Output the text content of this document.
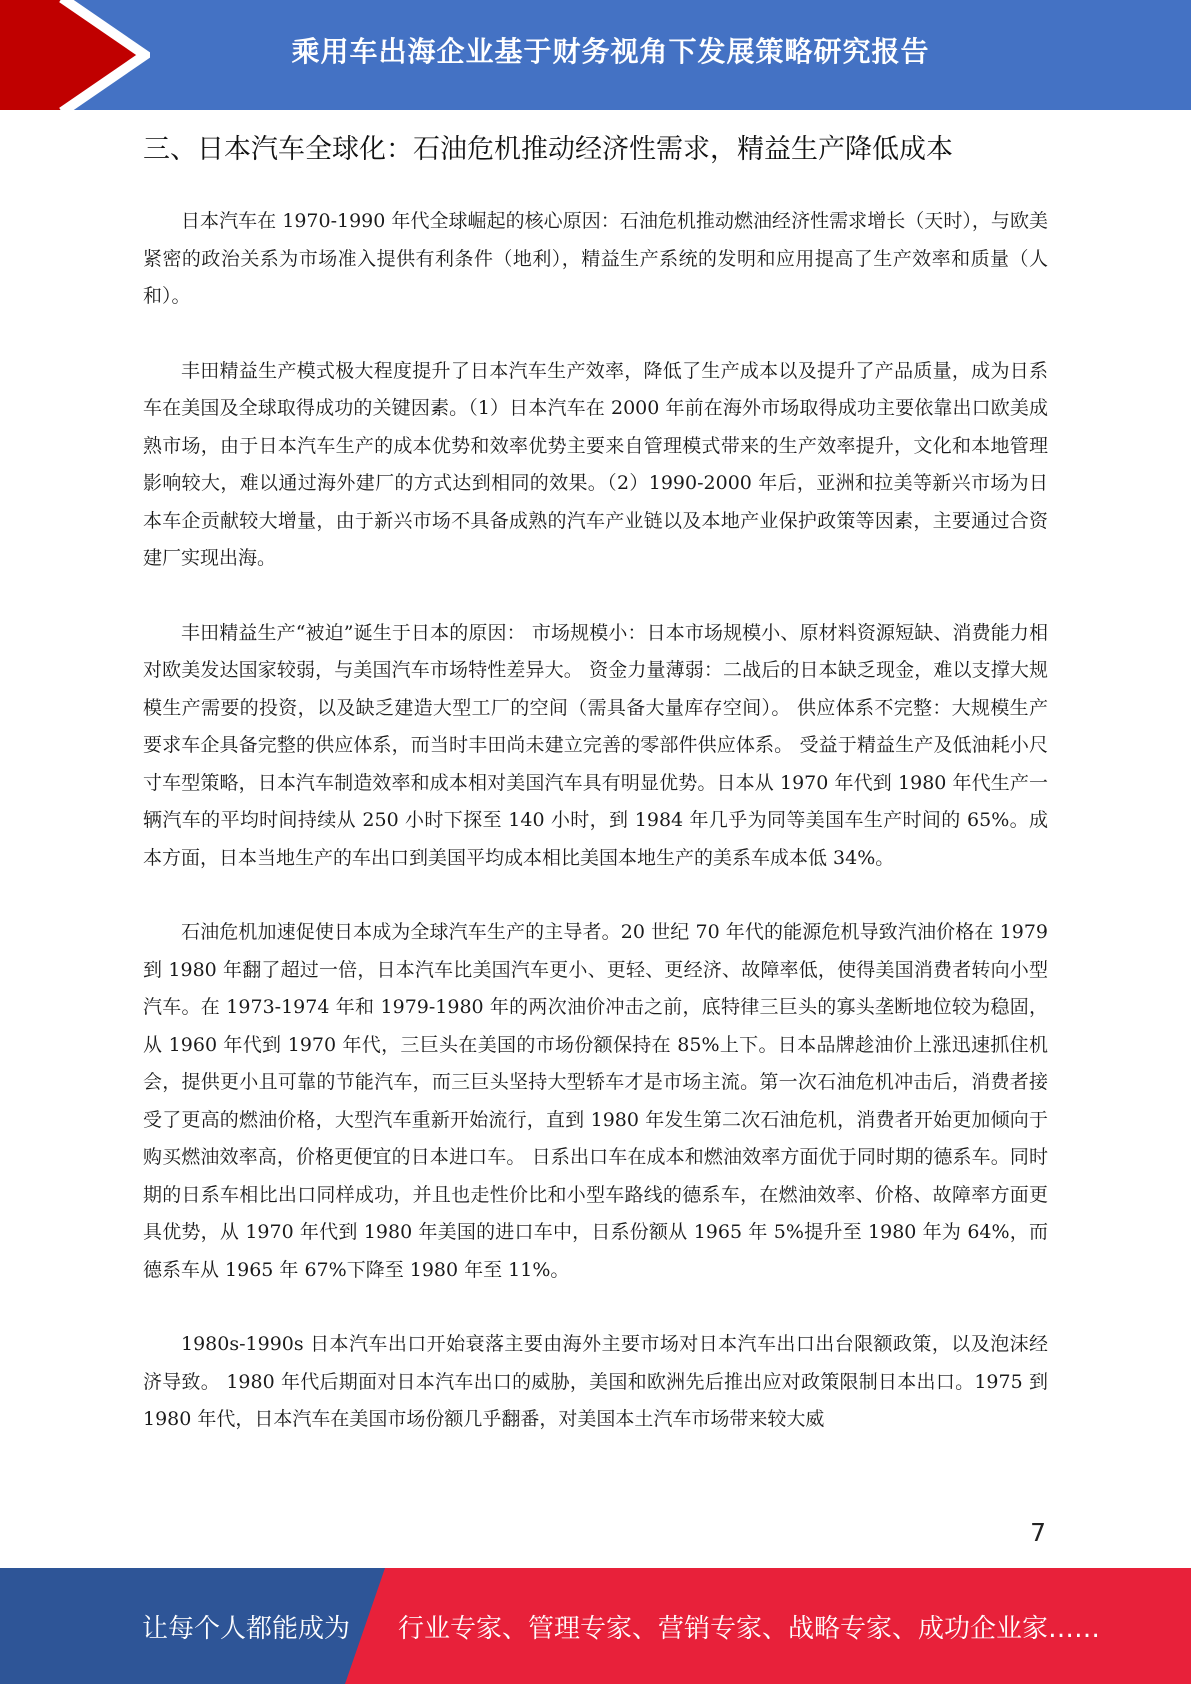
乘用车出海企业基于财务视角下发展策略研究报告
三、日本汽车全球化：石油危机推动经济性需求，精益生产降低成本

日本汽车在 1970-1990 年代全球崛起的核心原因：石油危机推动燃油经济性需求增长（天时），与欧美紧密的政治关系为市场准入提供有利条件（地利），精益生产系统的发明和应用提高了生产效率和质量（人和）。

丰田精益生产模式极大程度提升了日本汽车生产效率，降低了生产成本以及提升了产品质量，成为日系车在美国及全球取得成功的关键因素。（1）日本汽车在 2000 年前在海外市场取得成功主要依靠出口欧美成熟市场，由于日本汽车生产的成本优势和效率优势主要来自管理模式带来的生产效率提升，文化和本地管理影响较大，难以通过海外建厂的方式达到相同的效果。（2）1990-2000 年后，亚洲和拉美等新兴市场为日本车企贡献较大增量，由于新兴市场不具备成熟的汽车产业链以及本地产业保护政策等因素，主要通过合资建厂实现出海。

丰田精益生产“被迫”诞生于日本的原因： 市场规模小：日本市场规模小、原材料资源短缺、消费能力相对欧美发达国家较弱，与美国汽车市场特性差异大。 资金力量薄弱：二战后的日本缺乏现金，难以支撑大规模生产需要的投资，以及缺乏建造大型工厂的空间（需具备大量库存空间）。 供应体系不完整：大规模生产要求车企具备完整的供应体系，而当时丰田尚未建立完善的零部件供应体系。 受益于精益生产及低油耗小尺寸车型策略，日本汽车制造效率和成本相对美国汽车具有明显优势。日本从 1970 年代到 1980 年代生产一辆汽车的平均时间持续从 250 小时下探至 140 小时，到 1984 年几乎为同等美国车生产时间的 65%。成本方面，日本当地生产的车出口到美国平均成本相比美国本地生产的美系车成本低 34%。

石油危机加速促使日本成为全球汽车生产的主导者。20 世纪 70 年代的能源危机导致汽油价格在 1979 到 1980 年翻了超过一倍，日本汽车比美国汽车更小、更轻、更经济、故障率低，使得美国消费者转向小型汽车。在 1973-1974 年和 1979-1980 年的两次油价冲击之前，底特律三巨头的寡头垄断地位较为稳固，从 1960 年代到 1970 年代，三巨头在美国的市场份额保持在 85%上下。日本品牌趁油价上涨迅速抓住机会，提供更小且可靠的节能汽车，而三巨头坚持大型轿车才是市场主流。第一次石油危机冲击后，消费者接受了更高的燃油价格，大型汽车重新开始流行，直到 1980 年发生第二次石油危机，消费者开始更加倾向于购买燃油效率高，价格更便宜的日本进口车。 日系出口车在成本和燃油效率方面优于同时期的德系车。同时期的日系车相比出口同样成功，并且也走性价比和小型车路线的德系车，在燃油效率、价格、故障率方面更具优势，从 1970 年代到 1980 年美国的进口车中，日系份额从 1965 年 5%提升至 1980 年为 64%，而德系车从 1965 年 67%下降至 1980 年至 11%。

1980s-1990s 日本汽车出口开始衰落主要由海外主要市场对日本汽车出口出台限额政策，以及泡沫经济导致。 1980 年代后期面对日本汽车出口的威胁，美国和欧洲先后推出应对政策限制日本出口。1975 到 1980 年代，日本汽车在美国市场份额几乎翻番，对美国本土汽车市场带来较大威

7
让每个人都能成为 行业专家、管理专家、营销专家、战略专家、成功企业家……
